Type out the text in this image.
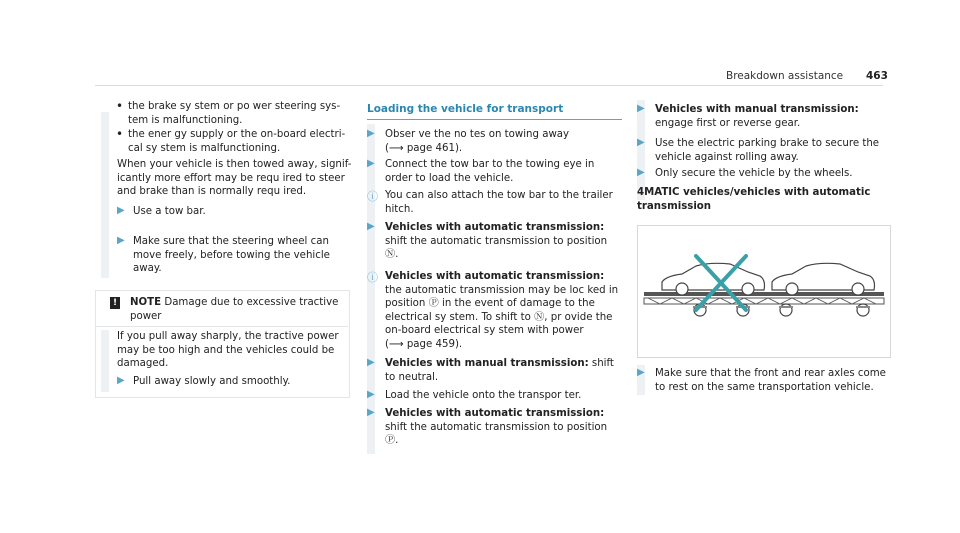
Breakdown assistance 463
• the brake sy stem or po wer steering sys-
tem is malfunctioning.
• the ener gy supply or the on-board electri-
cal sy stem is malfunctioning.
When your vehicle is then towed away, signif-
icantly more effort may be requ ired to steer
and brake than is normally requ ired.
▶ Use a tow bar.
▶ Make sure that the steering wheel can
move freely, before towing the vehicle
away.
! NOTE Damage due to excessive tractive
power
If you pull away sharply, the tractive power
may be too high and the vehicles could be
damaged.
▶ Pull away slowly and smoothly.
Loading the vehicle for transport
▶ Obser ve the no tes on towing away
(⟶ page 461).
▶ Connect the tow bar to the towing eye in
order to load the vehicle.
ⓘ You can also attach the tow bar to the trailer
hitch.
▶ Vehicles with automatic transmission:
shift the automatic transmission to position
Ⓝ.
ⓘ Vehicles with automatic transmission:
the automatic transmission may be loc ked in
position Ⓟ in the event of damage to the
electrical sy stem. To shift to Ⓝ, pr ovide the
on-board electrical sy stem with power
(⟶ page 459).
▶ Vehicles with manual transmission: shift
to neutral.
▶ Load the vehicle onto the transpor ter.
▶ Vehicles with automatic transmission:
shift the automatic transmission to position
Ⓟ.
▶ Vehicles with manual transmission:
engage first or reverse gear.
▶ Use the electric parking brake to secure the
vehicle against rolling away.
▶ Only secure the vehicle by the wheels.
4MATIC vehicles/vehicles with automatic
transmission
▶ Make sure that the front and rear axles come
to rest on the same transportation vehicle.
